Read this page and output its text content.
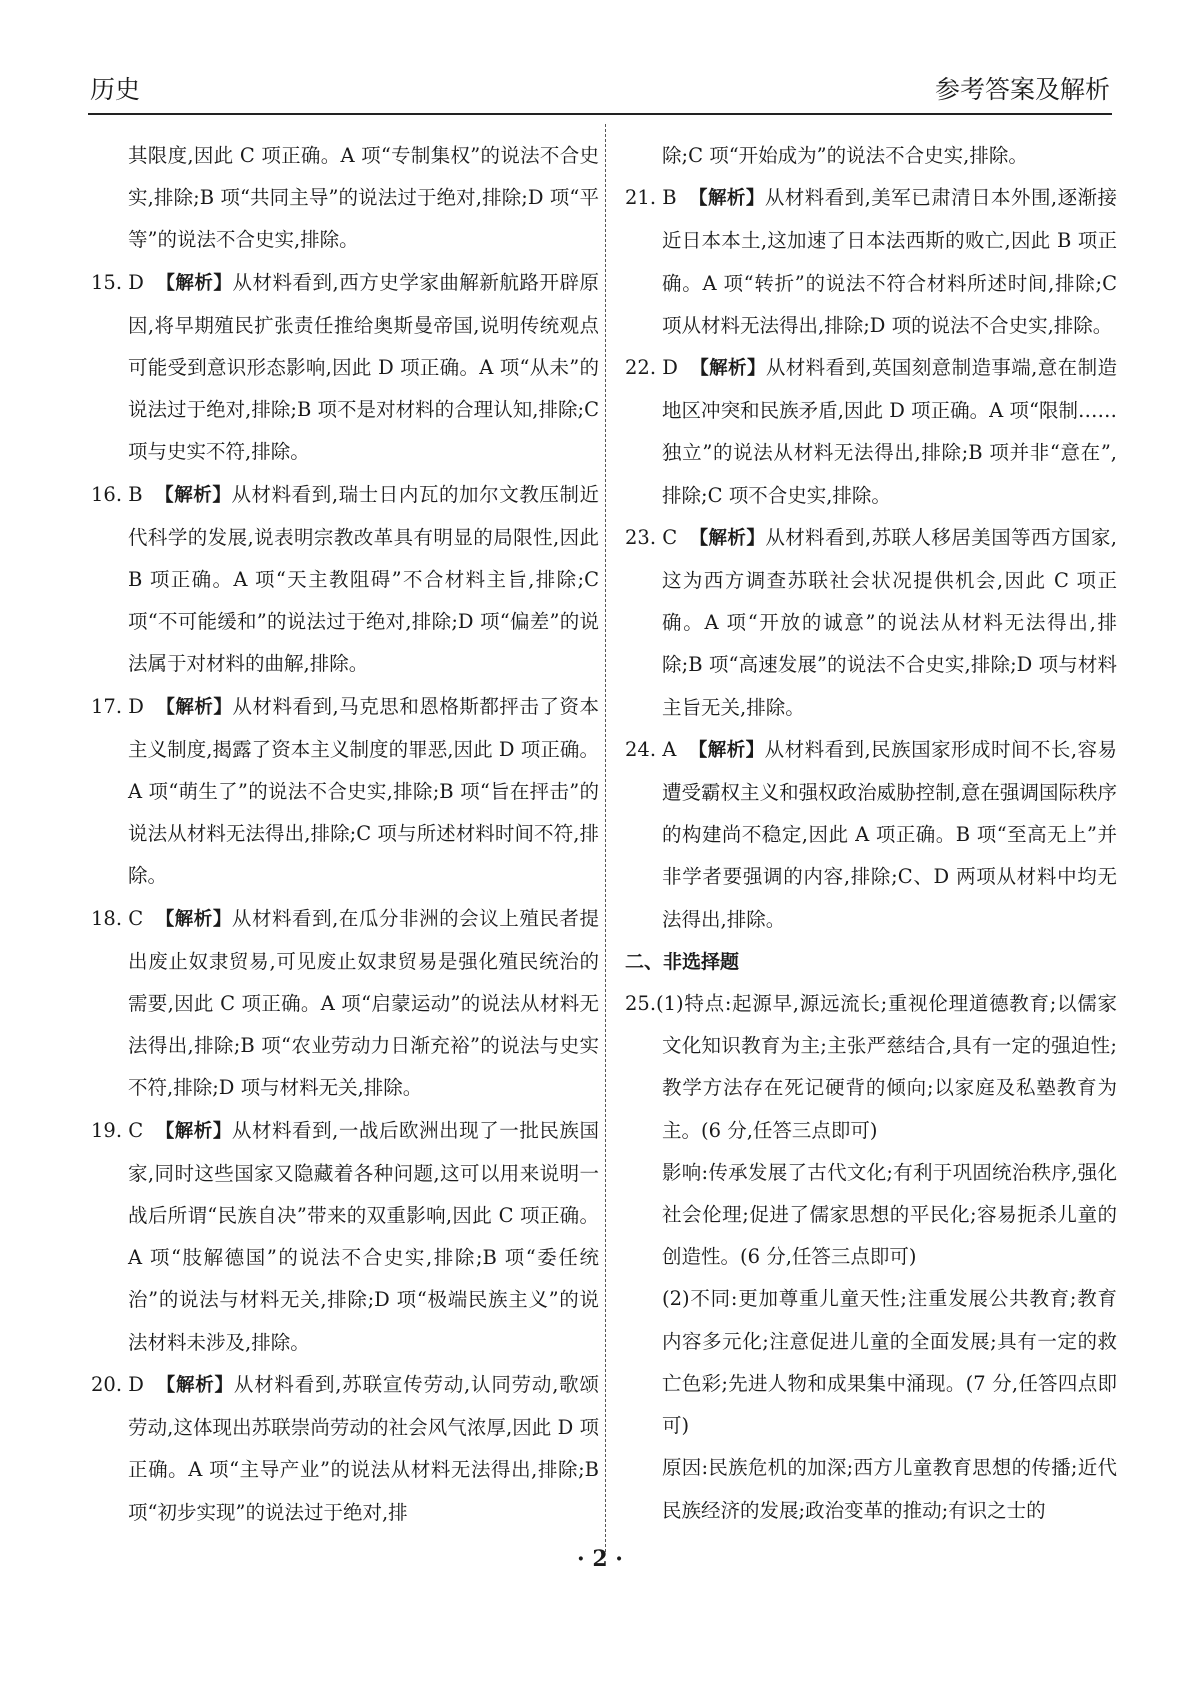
历史	参考答案及解析

其限度,因此 C 项正确。A 项“专制集权”的说法不合史实,排除;B 项“共同主导”的说法过于绝对,排除;D 项“平等”的说法不合史实,排除。

15. D 【解析】从材料看到,西方史学家曲解新航路开辟原因,将早期殖民扩张责任推给奥斯曼帝国,说明传统观点可能受到意识形态影响,因此 D 项正确。A 项“从未”的说法过于绝对,排除;B 项不是对材料的合理认知,排除;C 项与史实不符,排除。

16. B 【解析】从材料看到,瑞士日内瓦的加尔文教压制近代科学的发展,说表明宗教改革具有明显的局限性,因此 B 项正确。A 项“天主教阻碍”不合材料主旨,排除;C 项“不可能缓和”的说法过于绝对,排除;D 项“偏差”的说法属于对材料的曲解,排除。

17. D 【解析】从材料看到,马克思和恩格斯都抨击了资本主义制度,揭露了资本主义制度的罪恶,因此 D 项正确。A 项“萌生了”的说法不合史实,排除;B 项“旨在抨击”的说法从材料无法得出,排除;C 项与所述材料时间不符,排除。

18. C 【解析】从材料看到,在瓜分非洲的会议上殖民者提出废止奴隶贸易,可见废止奴隶贸易是强化殖民统治的需要,因此 C 项正确。A 项“启蒙运动”的说法从材料无法得出,排除;B 项“农业劳动力日渐充裕”的说法与史实不符,排除;D 项与材料无关,排除。

19. C 【解析】从材料看到,一战后欧洲出现了一批民族国家,同时这些国家又隐藏着各种问题,这可以用来说明一战后所谓“民族自决”带来的双重影响,因此 C 项正确。A 项“肢解德国”的说法不合史实,排除;B 项“委任统治”的说法与材料无关,排除;D 项“极端民族主义”的说法材料未涉及,排除。

20. D 【解析】从材料看到,苏联宣传劳动,认同劳动,歌颂劳动,这体现出苏联崇尚劳动的社会风气浓厚,因此 D 项正确。A 项“主导产业”的说法从材料无法得出,排除;B 项“初步实现”的说法过于绝对,排

除;C 项“开始成为”的说法不合史实,排除。

21. B 【解析】从材料看到,美军已肃清日本外围,逐渐接近日本本土,这加速了日本法西斯的败亡,因此 B 项正确。A 项“转折”的说法不符合材料所述时间,排除;C 项从材料无法得出,排除;D 项的说法不合史实,排除。

22. D 【解析】从材料看到,英国刻意制造事端,意在制造地区冲突和民族矛盾,因此 D 项正确。A 项“限制……独立”的说法从材料无法得出,排除;B 项并非“意在”,排除;C 项不合史实,排除。

23. C 【解析】从材料看到,苏联人移居美国等西方国家,这为西方调查苏联社会状况提供机会,因此 C 项正确。A 项“开放的诚意”的说法从材料无法得出,排除;B 项“高速发展”的说法不合史实,排除;D 项与材料主旨无关,排除。

24. A 【解析】从材料看到,民族国家形成时间不长,容易遭受霸权主义和强权政治威胁控制,意在强调国际秩序的构建尚不稳定,因此 A 项正确。B 项“至高无上”并非学者要强调的内容,排除;C、D 两项从材料中均无法得出,排除。

二、非选择题

25.(1)特点:起源早,源远流长;重视伦理道德教育;以儒家文化知识教育为主;主张严慈结合,具有一定的强迫性;教学方法存在死记硬背的倾向;以家庭及私塾教育为主。(6 分,任答三点即可)

影响:传承发展了古代文化;有利于巩固统治秩序,强化社会伦理;促进了儒家思想的平民化;容易扼杀儿童的创造性。(6 分,任答三点即可)

(2)不同:更加尊重儿童天性;注重发展公共教育;教育内容多元化;注意促进儿童的全面发展;具有一定的救亡色彩;先进人物和成果集中涌现。(7 分,任答四点即可)

原因:民族危机的加深;西方儿童教育思想的传播;近代民族经济的发展;政治变革的推动;有识之士的

· 2 ·
